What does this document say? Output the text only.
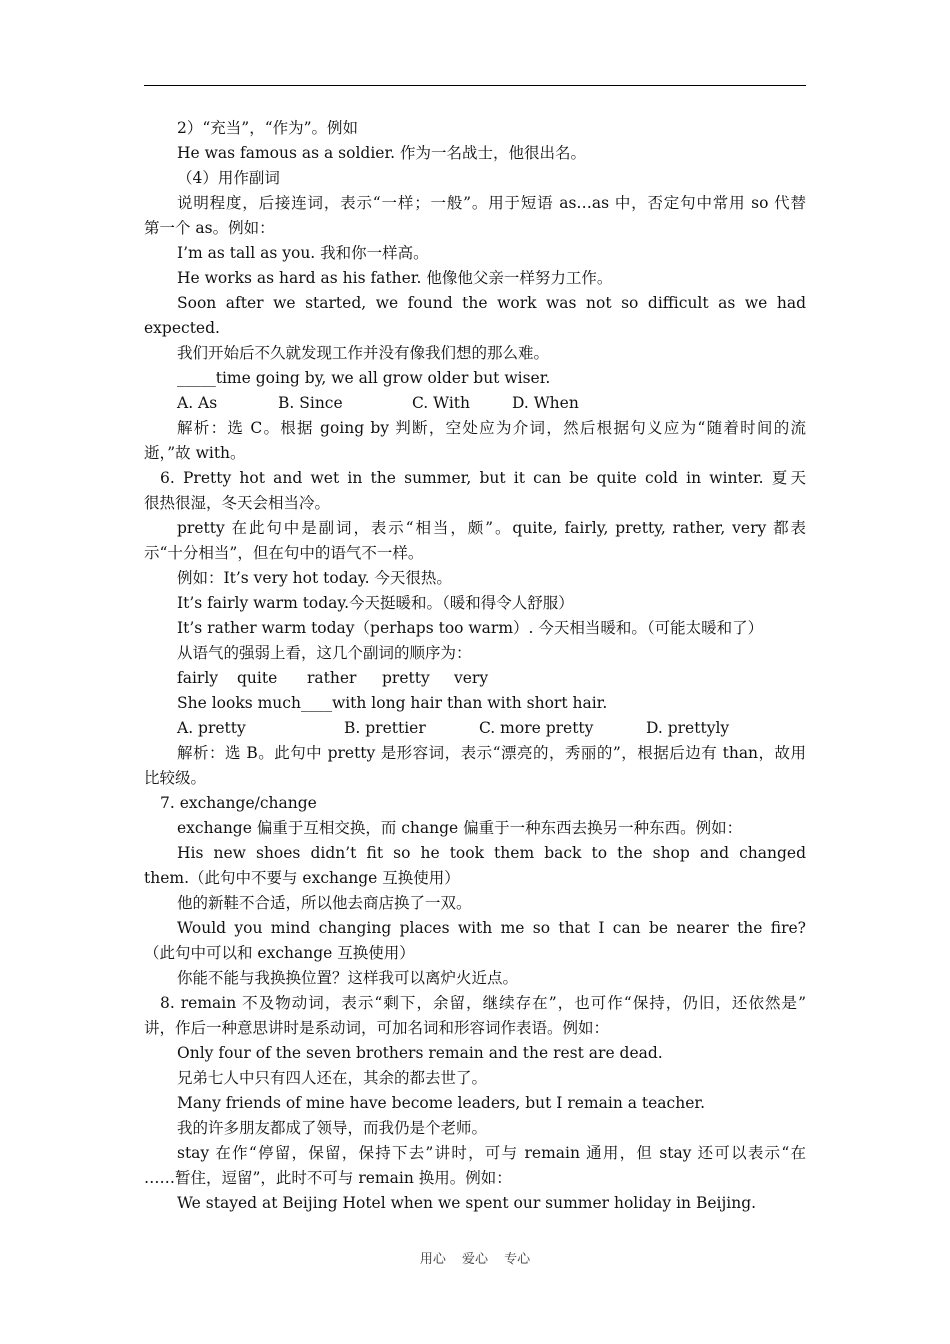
2）“充当”，“作为”。例如
He was famous as a soldier. 作为一名战士，他很出名。
（4）用作副词
说明程度，后接连词，表示“一样；一般”。用于短语 as…as 中，否定句中常用 so 代替
第一个 as。例如：
I’m as tall as you. 我和你一样高。
He works as hard as his father. 他像他父亲一样努力工作。
Soon after we started, we found the work was not so difficult as we had
expected.
我们开始后不久就发现工作并没有像我们想的那么难。
_____time going by, we all grow older but wiser.
A. As	B. Since	C. With	D. When
解析：选 C。根据 going by 判断，空处应为介词，然后根据句义应为“随着时间的流
逝，”故 with。
6. Pretty hot and wet in the summer, but it can be quite cold in winter. 夏天
很热很湿，冬天会相当冷。
pretty 在此句中是副词，表示“相当，颇”。quite, fairly, pretty, rather, very 都表
示“十分相当”，但在句中的语气不一样。
例如：It’s very hot today. 今天很热。
It’s fairly warm today.今天挺暖和。（暖和得令人舒服）
It’s rather warm today（perhaps too warm）. 今天相当暖和。（可能太暖和了）
从语气的强弱上看，这几个副词的顺序为：
fairly	quite	rather	pretty	very
She looks much____with long hair than with short hair.
A. pretty	B. prettier	C. more pretty	D. prettyly
解析：选 B。此句中 pretty 是形容词，表示“漂亮的，秀丽的”，根据后边有 than，故用
比较级。
7. exchange/change
exchange 偏重于互相交换，而 change 偏重于一种东西去换另一种东西。例如：
His new shoes didn’t fit so he took them back to the shop and changed
them.（此句中不要与 exchange 互换使用）
他的新鞋不合适，所以他去商店换了一双。
Would you mind changing places with me so that I can be nearer the fire?
（此句中可以和 exchange 互换使用）
你能不能与我换换位置？这样我可以离炉火近点。
8. remain 不及物动词，表示“剩下，余留，继续存在”，也可作“保持，仍旧，还依然是”
讲，作后一种意思讲时是系动词，可加名词和形容词作表语。例如：
Only four of the seven brothers remain and the rest are dead.
兄弟七人中只有四人还在，其余的都去世了。
Many friends of mine have become leaders, but I remain a teacher.
我的许多朋友都成了领导，而我仍是个老师。
stay 在作“停留，保留，保持下去”讲时，可与 remain 通用，但 stay 还可以表示“在
……暂住，逗留”，此时不可与 remain 换用。例如：
We stayed at Beijing Hotel when we spent our summer holiday in Beijing.
用心 爱心 专心
